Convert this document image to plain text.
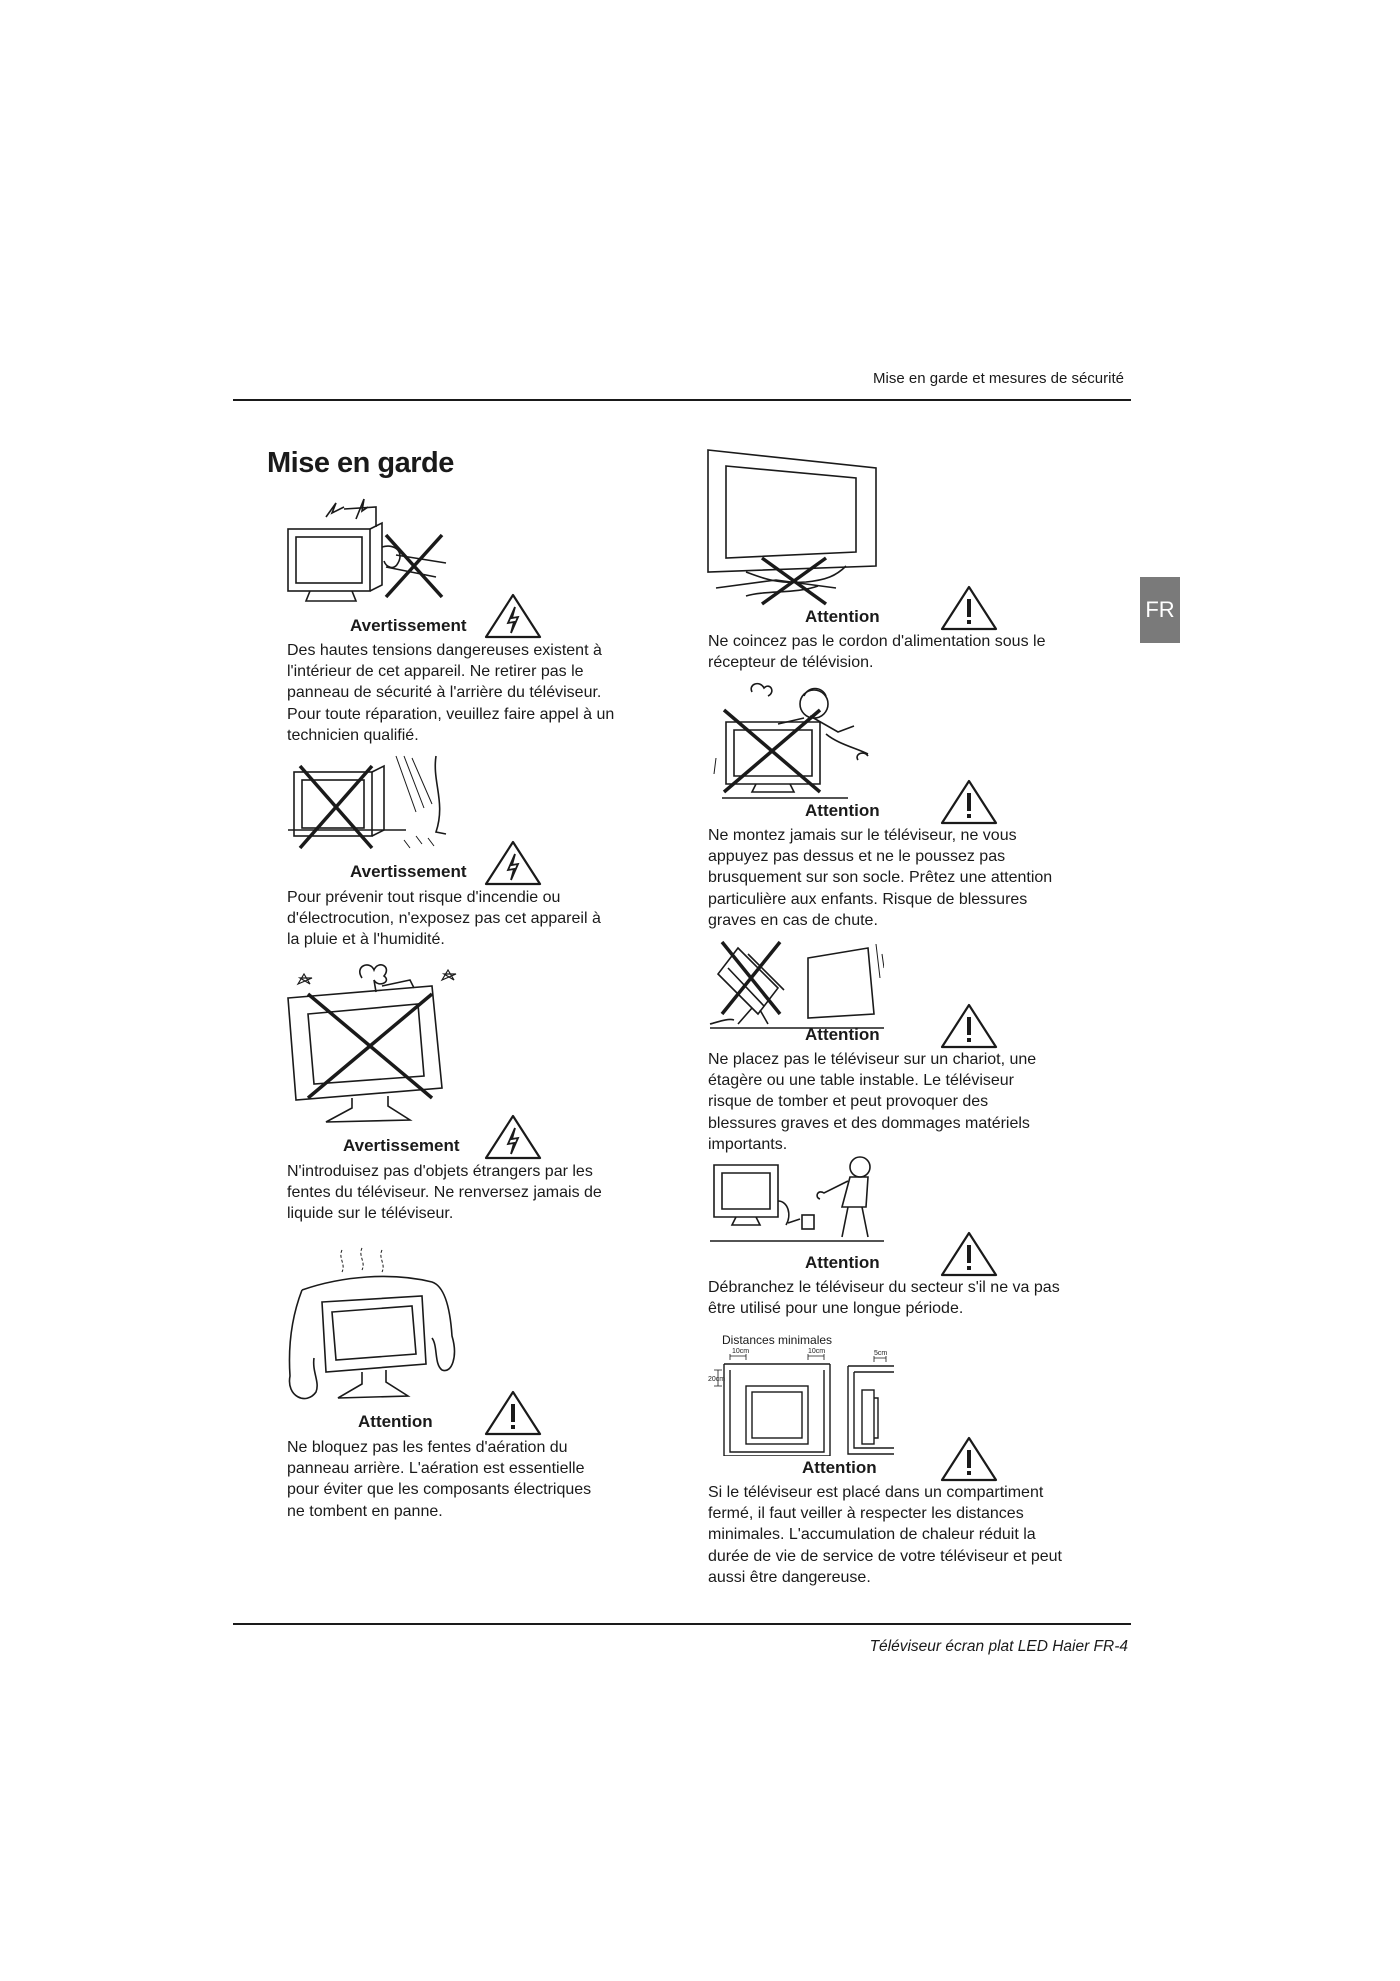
Mise en garde et mesures de sécurité
FR
Mise en garde
Avertissement
Des hautes tensions dangereuses existent à
l'intérieur de cet appareil. Ne retirer pas le
panneau de sécurité à l'arrière du téléviseur.
Pour toute réparation, veuillez faire appel à un
technicien qualifié.
Avertissement
Pour prévenir tout risque d'incendie ou
d'électrocution, n'exposez pas cet appareil à
la pluie et à l'humidité.
Avertissement
N'introduisez pas d'objets étrangers par les
fentes du téléviseur. Ne renversez jamais de
liquide sur le téléviseur.
Attention
Ne bloquez pas les fentes d'aération du
panneau arrière. L'aération est essentielle
pour éviter que les composants électriques
ne tombent en panne.
Attention
Ne coincez pas le cordon d'alimentation sous le
récepteur de télévision.
Attention
Ne montez jamais sur le téléviseur, ne vous
appuyez pas dessus et ne le poussez pas
brusquement sur son socle. Prêtez une attention
particulière aux enfants. Risque de blessures
graves en cas de chute.
Attention
Ne placez pas le téléviseur sur un chariot, une
étagère ou une table instable. Le téléviseur
risque de tomber et peut provoquer des
blessures graves et des dommages matériels
importants.
Attention
Débranchez le téléviseur du secteur s'il ne va pas
être utilisé pour une longue période.
Distances minimales
10cm	10cm	5cm
20cm
Attention
Si le téléviseur est placé dans un compartiment
fermé, il faut veiller à respecter les distances
minimales. L'accumulation de chaleur réduit la
durée de vie de service de votre téléviseur et peut
aussi être dangereuse.
Téléviseur écran plat LED Haier FR-4
